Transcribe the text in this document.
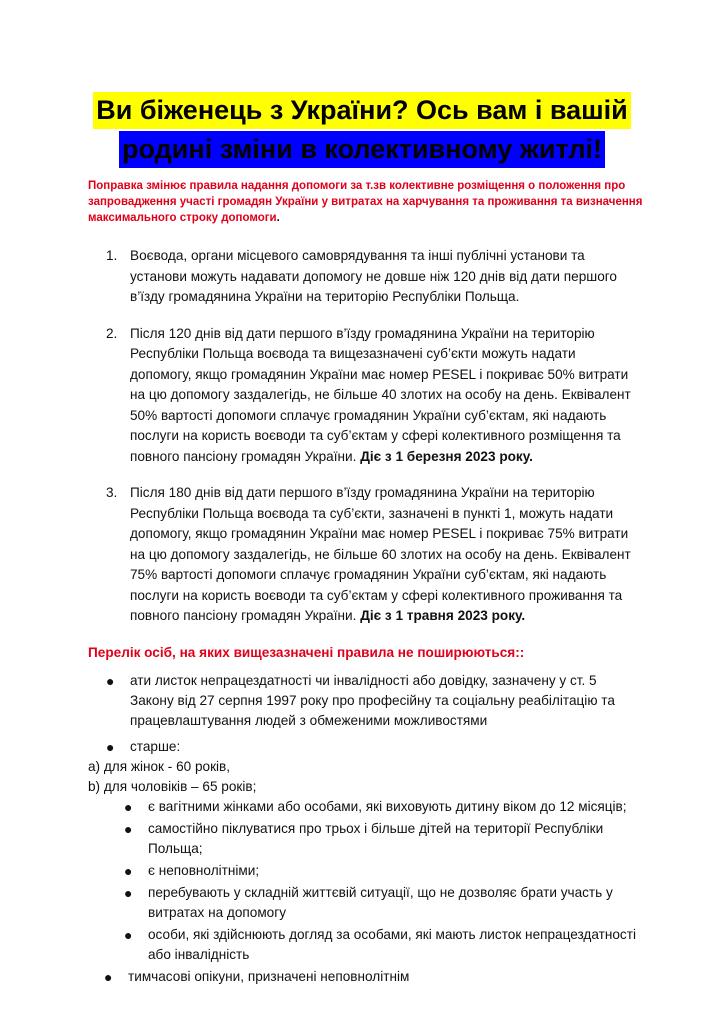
Ви біженець з України? Ось вам і вашій
родині зміни в колективному житлі!
Поправка змінює правила надання допомоги за т.зв колективне розміщення о положення про запровадження участі громадян України у витратах на харчування та проживання та визначення максимального строку допомоги.
1. Воєвода, органи місцевого самоврядування та інші публічні установи та установи можуть надавати допомогу не довше ніж 120 днів від дати першого в’їзду громадянина України на територію Республіки Польща.
2. Після 120 днів від дати першого в’їзду громадянина України на територію Республіки Польща воєвода та вищезазначені суб’єкти можуть надати допомогу, якщо громадянин України має номер PESEL і покриває 50% витрати на цю допомогу заздалегідь, не більше 40 злотих на особу на день. Еквівалент 50% вартості допомоги сплачує громадянин України суб’єктам, які надають послуги на користь воєводи та суб’єктам у сфері колективного розміщення та повного пансіону громадян України. Діє з 1 березня 2023 року.
3. Після 180 днів від дати першого в’їзду громадянина України на територію Республіки Польща воєвода та суб’єкти, зазначені в пункті 1, можуть надати допомогу, якщо громадянин України має номер PESEL і покриває 75% витрати на цю допомогу заздалегідь, не більше 60 злотих на особу на день. Еквівалент 75% вартості допомоги сплачує громадянин України суб’єктам, які надають послуги на користь воєводи та суб’єктам у сфері колективного проживання та повного пансіону громадян України. Діє з 1 травня 2023 року.
Перелік осіб, на яких вищезазначені правила не поширюються::
● ати листок непрацездатності чи інвалідності або довідку, зазначену у ст. 5 Закону від 27 серпня 1997 року про професійну та соціальну реабілітацію та працевлаштування людей з обмеженими можливостями
● старше:
а) для жінок - 60 років,
b) для чоловіків – 65 років;
● є вагітними жінками або особами, які виховують дитину віком до 12 місяців;
● самостійно піклуватися про трьох і більше дітей на території Республіки Польща;
● є неповнолітніми;
● перебувають у складній життєвій ситуації, що не дозволяє брати участь у витратах на допомогу
● особи, які здійснюють догляд за особами, які мають листок непрацездатності або інвалідність
● тимчасові опікуни, призначені неповнолітнім
